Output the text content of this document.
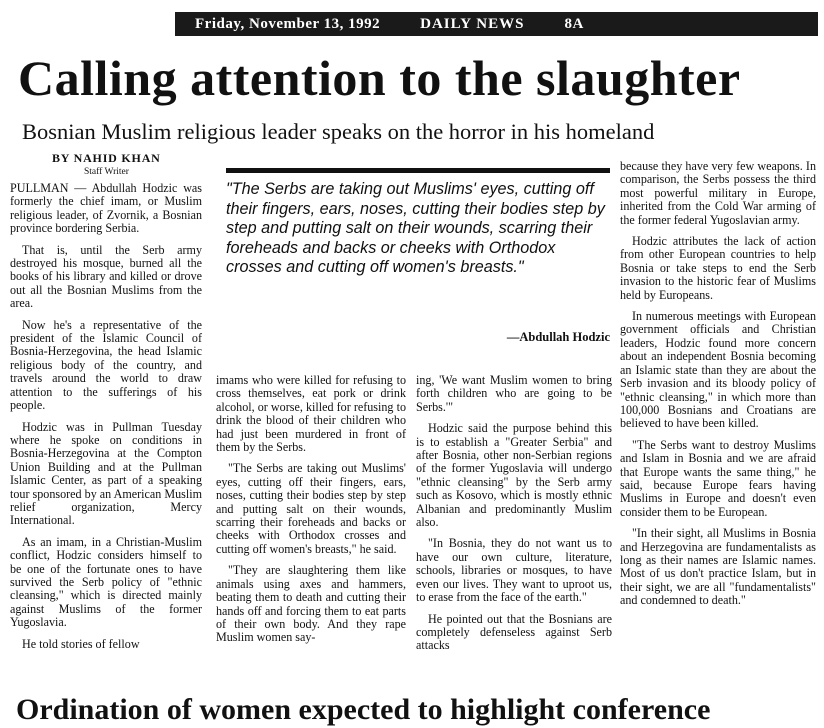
Friday, November 13, 1992	DAILY NEWS	8A
Calling attention to the slaughter
Bosnian Muslim religious leader speaks on the horror in his homeland
BY NAHID KHAN
Staff Writer

PULLMAN — Abdullah Hodzic was formerly the chief imam, or Muslim religious leader, of Zvornik, a Bosnian province bordering Serbia.

That is, until the Serb army destroyed his mosque, burned all the books of his library and killed or drove out all the Bosnian Muslims from the area.

Now he's a representative of the president of the Islamic Council of Bosnia-Herzegovina, the head Islamic religious body of the country, and travels around the world to draw attention to the sufferings of his people.

Hodzic was in Pullman Tuesday where he spoke on conditions in Bosnia-Herzegovina at the Compton Union Building and at the Pullman Islamic Center, as part of a speaking tour sponsored by an American Muslim relief organization, Mercy International.

As an imam, in a Christian-Muslim conflict, Hodzic considers himself to be one of the fortunate ones to have survived the Serb policy of "ethnic cleansing," which is directed mainly against Muslims of the former Yugoslavia.

He told stories of fellow

"The Serbs are taking out Muslims' eyes, cutting off their fingers, ears, noses, cutting their bodies step by step and putting salt on their wounds, scarring their foreheads and backs or cheeks with Orthodox crosses and cutting off women's breasts."
—Abdullah Hodzic

imams who were killed for refusing to cross themselves, eat pork or drink alcohol, or worse, killed for refusing to drink the blood of their children who had just been murdered in front of them by the Serbs.

"The Serbs are taking out Muslims' eyes, cutting off their fingers, ears, noses, cutting their bodies step by step and putting salt on their wounds, scarring their foreheads and backs or cheeks with Orthodox crosses and cutting off women's breasts," he said.

"They are slaughtering them like animals using axes and hammers, beating them to death and cutting their hands off and forcing them to eat parts of their own body. And they rape Muslim women say-

ing, 'We want Muslim women to bring forth children who are going to be Serbs.'"

Hodzic said the purpose behind this is to establish a "Greater Serbia" and after Bosnia, other non-Serbian regions of the former Yugoslavia will undergo "ethnic cleansing" by the Serb army such as Kosovo, which is mostly ethnic Albanian and predominantly Muslim also.

"In Bosnia, they do not want us to have our own culture, literature, schools, libraries or mosques, to have even our lives. They want to uproot us, to erase from the face of the earth."

He pointed out that the Bosnians are completely defenseless against Serb attacks

because they have very few weapons. In comparison, the Serbs possess the third most powerful military in Europe, inherited from the Cold War arming of the former federal Yugoslavian army.

Hodzic attributes the lack of action from other European countries to help Bosnia or take steps to end the Serb invasion to the historic fear of Muslims held by Europeans.

In numerous meetings with European government officials and Christian leaders, Hodzic found more concern about an independent Bosnia becoming an Islamic state than they are about the Serb invasion and its bloody policy of "ethnic cleansing," in which more than 100,000 Bosnians and Croatians are believed to have been killed.

"The Serbs want to destroy Muslims and Islam in Bosnia and we are afraid that Europe wants the same thing," he said, because Europe fears having Muslims in Europe and doesn't even consider them to be European.

"In their sight, all Muslims in Bosnia and Herzegovina are fundamentalists as long as their names are Islamic names. Most of us don't practice Islam, but in their sight, we are all "fundamentalists" and condemned to death."

Ordination of women expected to highlight conference
